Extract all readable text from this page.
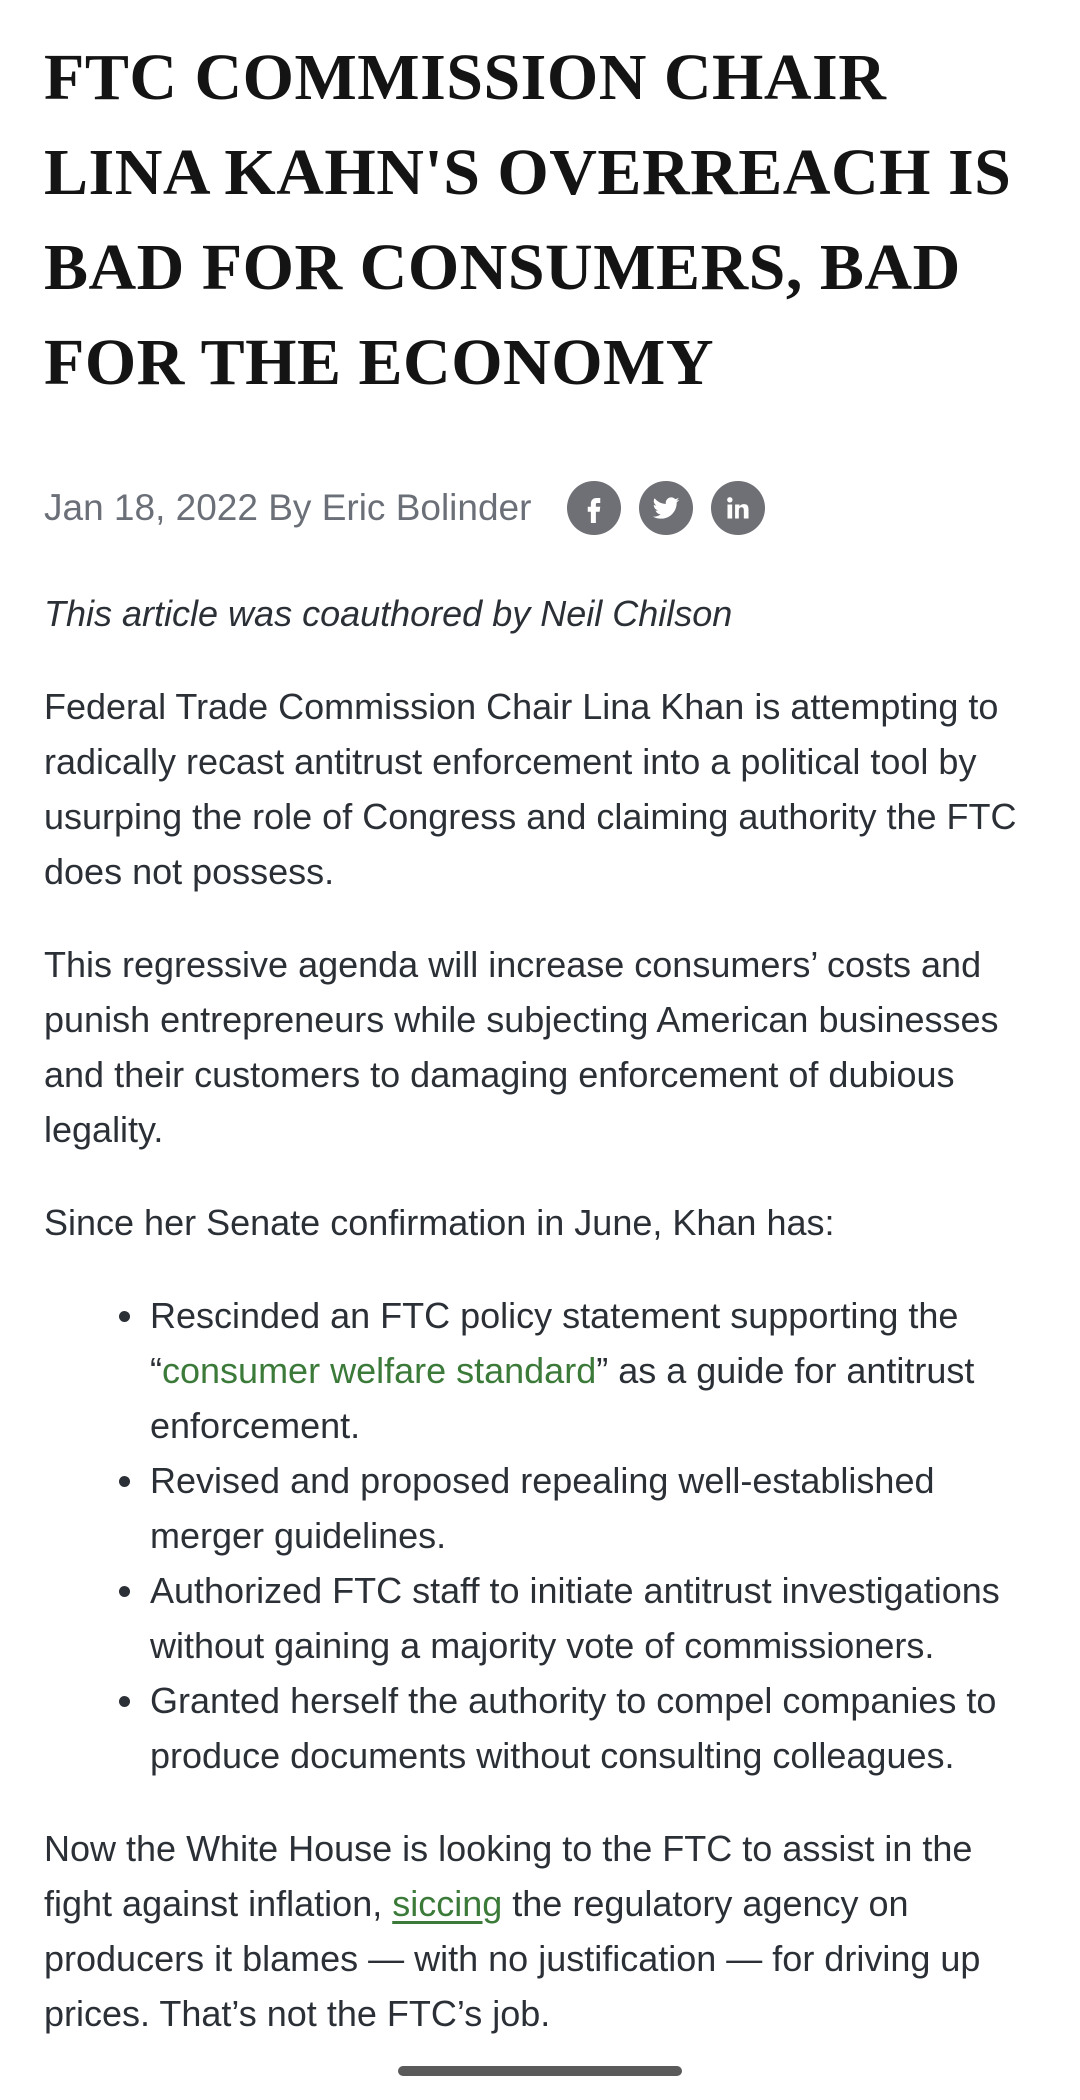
FTC COMMISSION CHAIR LINA KAHN'S OVERREACH IS BAD FOR CONSUMERS, BAD FOR THE ECONOMY
Jan 18, 2022 By Eric Bolinder
This article was coauthored by Neil Chilson

Federal Trade Commission Chair Lina Khan is attempting to radically recast antitrust enforcement into a political tool by usurping the role of Congress and claiming authority the FTC does not possess.

This regressive agenda will increase consumers’ costs and punish entrepreneurs while subjecting American businesses and their customers to damaging enforcement of dubious legality.

Since her Senate confirmation in June, Khan has:

• Rescinded an FTC policy statement supporting the “consumer welfare standard” as a guide for antitrust enforcement.
• Revised and proposed repealing well-established merger guidelines.
• Authorized FTC staff to initiate antitrust investigations without gaining a majority vote of commissioners.
• Granted herself the authority to compel companies to produce documents without consulting colleagues.

Now the White House is looking to the FTC to assist in the fight against inflation, siccing the regulatory agency on producers it blames — with no justification — for driving up prices. That’s not the FTC’s job.
